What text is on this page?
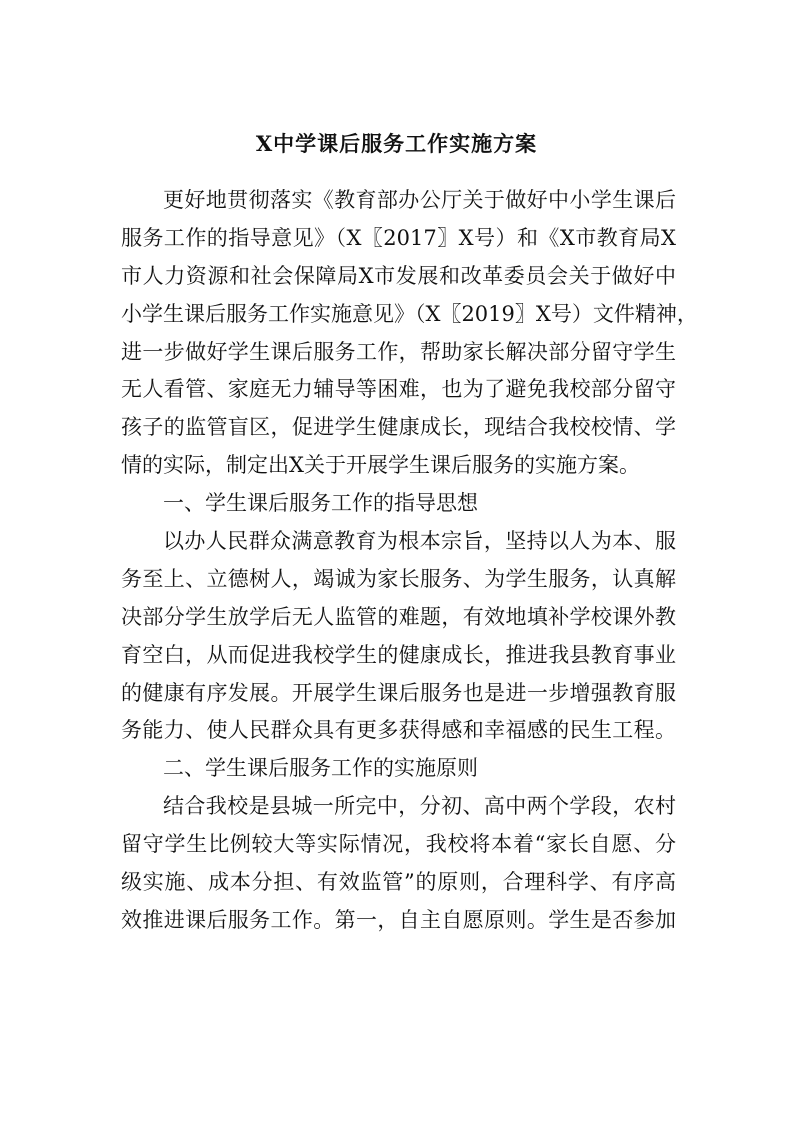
X中学课后服务工作实施方案
更好地贯彻落实《教育部办公厅关于做好中小学生课后
服务工作的指导意见》（X〖2017〗X号）和《X市教育局X
市人力资源和社会保障局X市发展和改革委员会关于做好中
小学生课后服务工作实施意见》（X〖2019〗X号）文件精神，
进一步做好学生课后服务工作，帮助家长解决部分留守学生
无人看管、家庭无力辅导等困难，也为了避免我校部分留守
孩子的监管盲区，促进学生健康成长，现结合我校校情、学
情的实际，制定出X关于开展学生课后服务的实施方案。
一、学生课后服务工作的指导思想
以办人民群众满意教育为根本宗旨，坚持以人为本、服
务至上、立德树人，竭诚为家长服务、为学生服务，认真解
决部分学生放学后无人监管的难题，有效地填补学校课外教
育空白，从而促进我校学生的健康成长，推进我县教育事业
的健康有序发展。开展学生课后服务也是进一步增强教育服
务能力、使人民群众具有更多获得感和幸福感的民生工程。
二、学生课后服务工作的实施原则
结合我校是县城一所完中，分初、高中两个学段，农村
留守学生比例较大等实际情况，我校将本着“家长自愿、分
级实施、成本分担、有效监管”的原则，合理科学、有序高
效推进课后服务工作。第一，自主自愿原则。学生是否参加
